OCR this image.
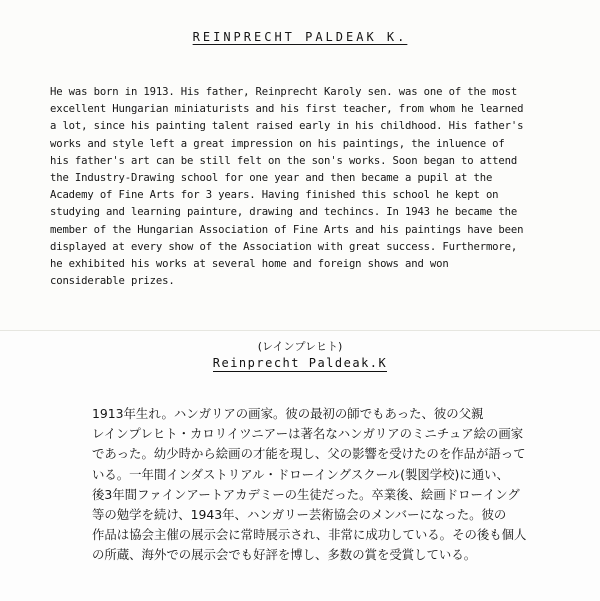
REINPRECHT PALDEAK K.
He was born in 1913. His father, Reinprecht Karoly sen. was one of the most
excellent Hungarian miniaturists and his first teacher, from whom he learned
a lot, since his painting talent raised early in his childhood. His father's
works and style left a great impression on his paintings, the inluence of
his father's art can be still felt on the son's works. Soon began to attend
the Industry-Drawing school for one year and then became a pupil at the
Academy of Fine Arts for 3 years. Having finished this school he kept on
studying and learning painture, drawing and techincs. In 1943 he became the
member of the Hungarian Association of Fine Arts and his paintings have been
displayed at every show of the Association with great success. Furthermore,
he exhibited his works at several home and foreign shows and won
considerable prizes.
(レインプレヒト)
Reinprecht Paldeak.K
1913年生れ。ハンガリアの画家。彼の最初の師でもあった、彼の父親
レインプレヒト・カロリイツニアーは著名なハンガリアのミニチュア絵の画家
であった。幼少時から絵画の才能を現し、父の影響を受けたのを作品が語って
いる。一年間インダストリアル・ドローイングスクール(製図学校)に通い、
後3年間ファインアートアカデミーの生徒だった。卒業後、絵画ドローイング
等の勉学を続け、1943年、ハンガリー芸術協会のメンバーになった。彼の
作品は協会主催の展示会に常時展示され、非常に成功している。その後も個人
の所蔵、海外での展示会でも好評を博し、多数の賞を受賞している。
